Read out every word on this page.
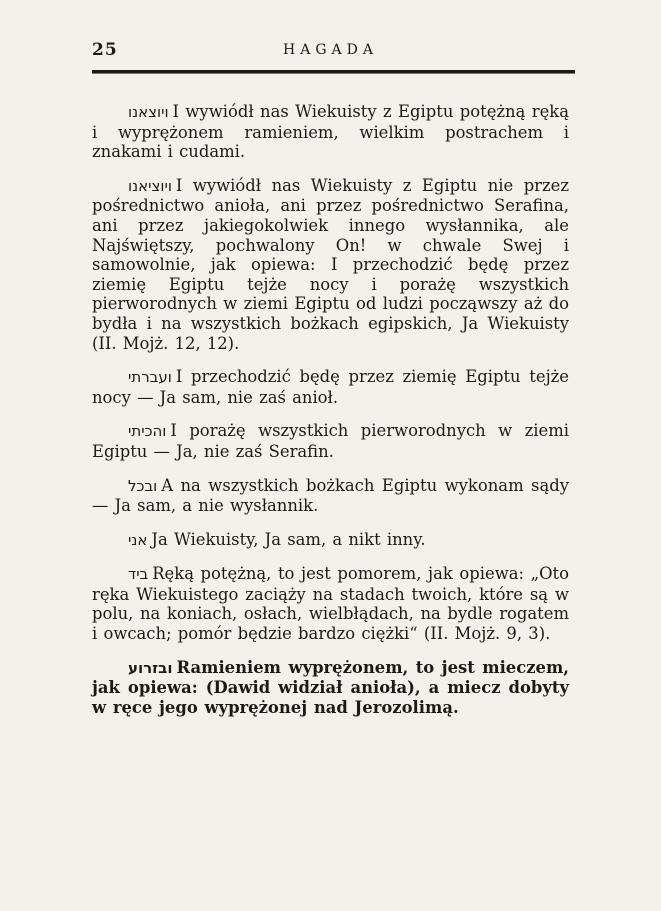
25	HAGADA

ויוצאנו I wywiódł nas Wiekuisty z Egiptu potężną ręką i wyprężonem ramieniem, wielkim postrachem i znakami i cudami.

ויוציאנו I wywiódł nas Wiekuisty z Egiptu nie przez pośrednictwo anioła, ani przez pośrednictwo Serafina, ani przez jakiegokolwiek innego wysłannika, ale Najświętszy, pochwalony On! w chwale Swej i samowolnie, jak opiewa: I przechodzić będę przez ziemię Egiptu tejże nocy i porażę wszystkich pierworodnych w ziemi Egiptu od ludzi począwszy aż do bydła i na wszystkich bożkach egipskich, Ja Wiekuisty (II. Mojż. 12, 12).

ועברתי I przechodzić będę przez ziemię Egiptu tejże nocy — Ja sam, nie zaś anioł.

והכיתי I porażę wszystkich pierworodnych w ziemi Egiptu — Ja, nie zaś Serafin.

ובכל A na wszystkich bożkach Egiptu wykonam sądy — Ja sam, a nie wysłannik.

אני Ja Wiekuisty, Ja sam, a nikt inny.

ביד Ręką potężną, to jest pomorem, jak opiewa: „Oto ręka Wiekuistego zaciąży na stadach twoich, które są w polu, na koniach, osłach, wielbłądach, na bydle rogatem i owcach; pomór będzie bardzo ciężki“ (II. Mojż. 9, 3).

ובזרוע Ramieniem wyprężonem, to jest mieczem, jak opiewa: (Dawid widział anioła), a miecz dobyty w ręce jego wyprężonej nad Jerozolimą.
